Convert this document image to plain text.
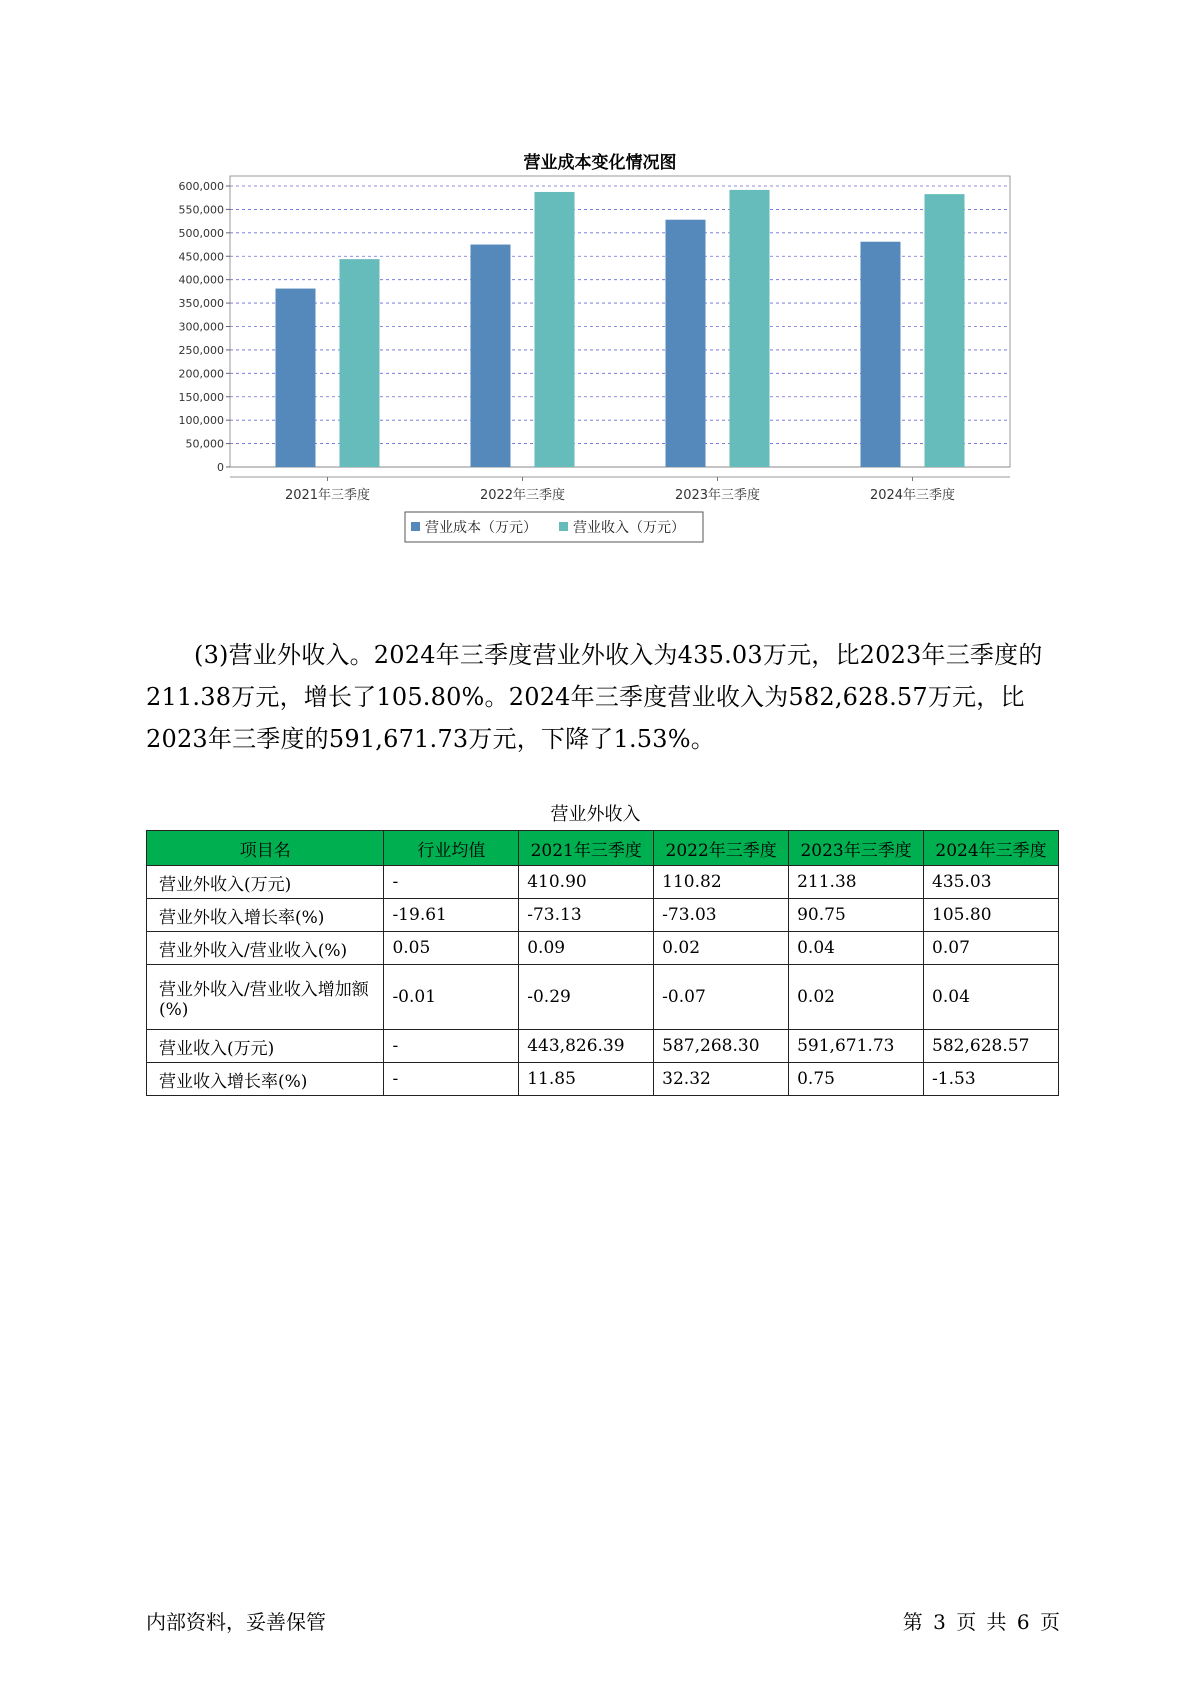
营业成本变化情况图
0
50,000
100,000
150,000
200,000
250,000
300,000
350,000
400,000
450,000
500,000
550,000
600,000
2021年三季度	2022年三季度	2023年三季度	2024年三季度
营业成本（万元）	营业收入（万元）
(3)营业外收入。2024年三季度营业外收入为435.03万元，比2023年三季度的211.38万元，增长了105.80%。2024年三季度营业收入为582,628.57万元，比2023年三季度的591,671.73万元，下降了1.53%。
营业外收入
项目名	行业均值	2021年三季度	2022年三季度	2023年三季度	2024年三季度
营业外收入(万元)	-	410.90	110.82	211.38	435.03
营业外收入增长率(%)	-19.61	-73.13	-73.03	90.75	105.80
营业外收入/营业收入(%)	0.05	0.09	0.02	0.04	0.07
营业外收入/营业收入增加额(%)	-0.01	-0.29	-0.07	0.02	0.04
营业收入(万元)	-	443,826.39	587,268.30	591,671.73	582,628.57
营业收入增长率(%)	-	11.85	32.32	0.75	-1.53
内部资料，妥善保管	第 3 页 共 6 页
